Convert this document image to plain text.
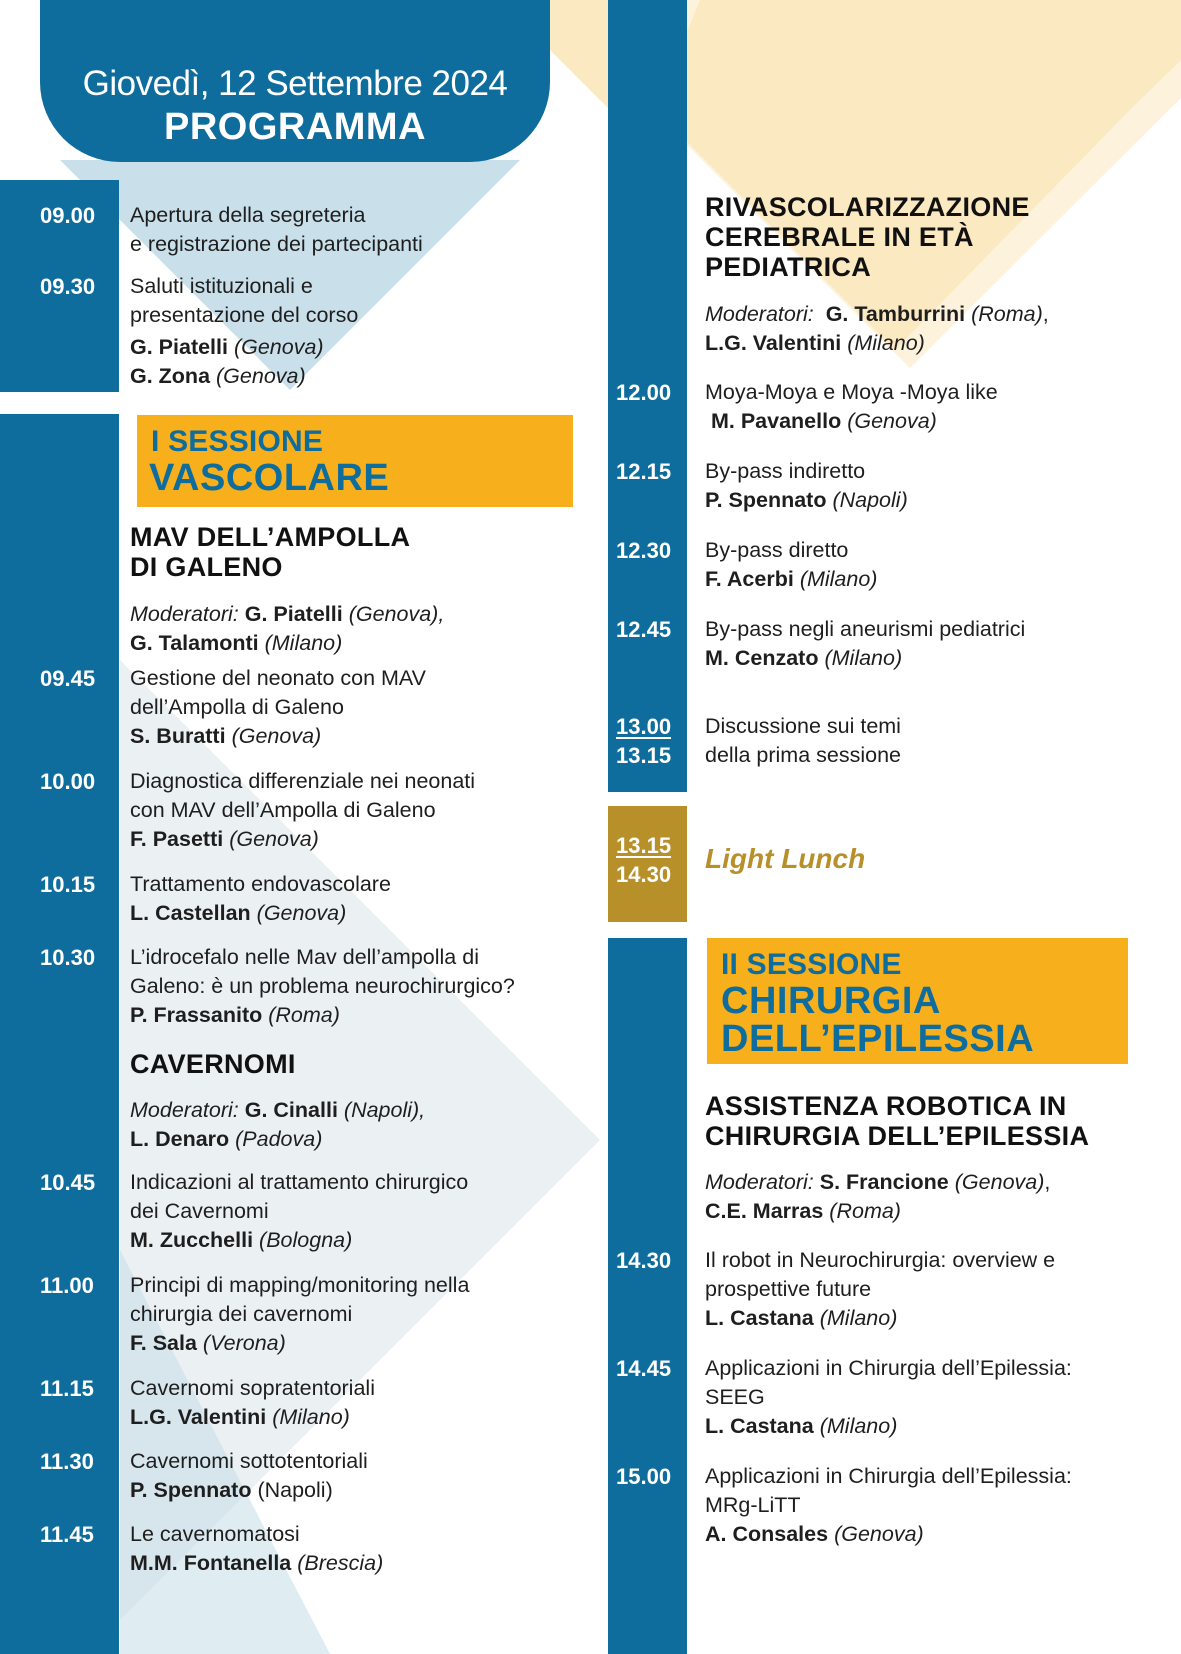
Giovedì, 12 Settembre 2024
PROGRAMMA
09.00 Apertura della segreteria
e registrazione dei partecipanti
09.30 Saluti istituzionali e
presentazione del corso
G. Piatelli (Genova)
G. Zona (Genova)
I SESSIONE
VASCOLARE
MAV DELL’AMPOLLA
DI GALENO
Moderatori: G. Piatelli (Genova),
G. Talamonti (Milano)
09.45 Gestione del neonato con MAV
dell’Ampolla di Galeno
S. Buratti (Genova)
10.00 Diagnostica differenziale nei neonati
con MAV dell’Ampolla di Galeno
F. Pasetti (Genova)
10.15 Trattamento endovascolare
L. Castellan (Genova)
10.30 L’idrocefalo nelle Mav dell’ampolla di
Galeno: è un problema neurochirurgico?
P. Frassanito (Roma)
CAVERNOMI
Moderatori: G. Cinalli (Napoli),
L. Denaro (Padova)
10.45 Indicazioni al trattamento chirurgico
dei Cavernomi
M. Zucchelli (Bologna)
11.00 Principi di mapping/monitoring nella
chirurgia dei cavernomi
F. Sala (Verona)
11.15 Cavernomi sopratentoriali
L.G. Valentini (Milano)
11.30 Cavernomi sottotentoriali
P. Spennato (Napoli)
11.45 Le cavernomatosi
M.M. Fontanella (Brescia)
RIVASCOLARIZZAZIONE
CEREBRALE IN ETÀ
PEDIATRICA
Moderatori: G. Tamburrini (Roma),
L.G. Valentini (Milano)
12.00 Moya-Moya e Moya -Moya like
M. Pavanello (Genova)
12.15 By-pass indiretto
P. Spennato (Napoli)
12.30 By-pass diretto
F. Acerbi (Milano)
12.45 By-pass negli aneurismi pediatrici
M. Cenzato (Milano)
13.00
13.15
Discussione sui temi
della prima sessione
13.15
14.30
Light Lunch
II SESSIONE
CHIRURGIA
DELL’EPILESSIA
ASSISTENZA ROBOTICA IN
CHIRURGIA DELL’EPILESSIA
Moderatori: S. Francione (Genova),
C.E. Marras (Roma)
14.30 Il robot in Neurochirurgia: overview e
prospettive future
L. Castana (Milano)
14.45 Applicazioni in Chirurgia dell’Epilessia:
SEEG
L. Castana (Milano)
15.00 Applicazioni in Chirurgia dell’Epilessia:
MRg-LiTT
A. Consales (Genova)
